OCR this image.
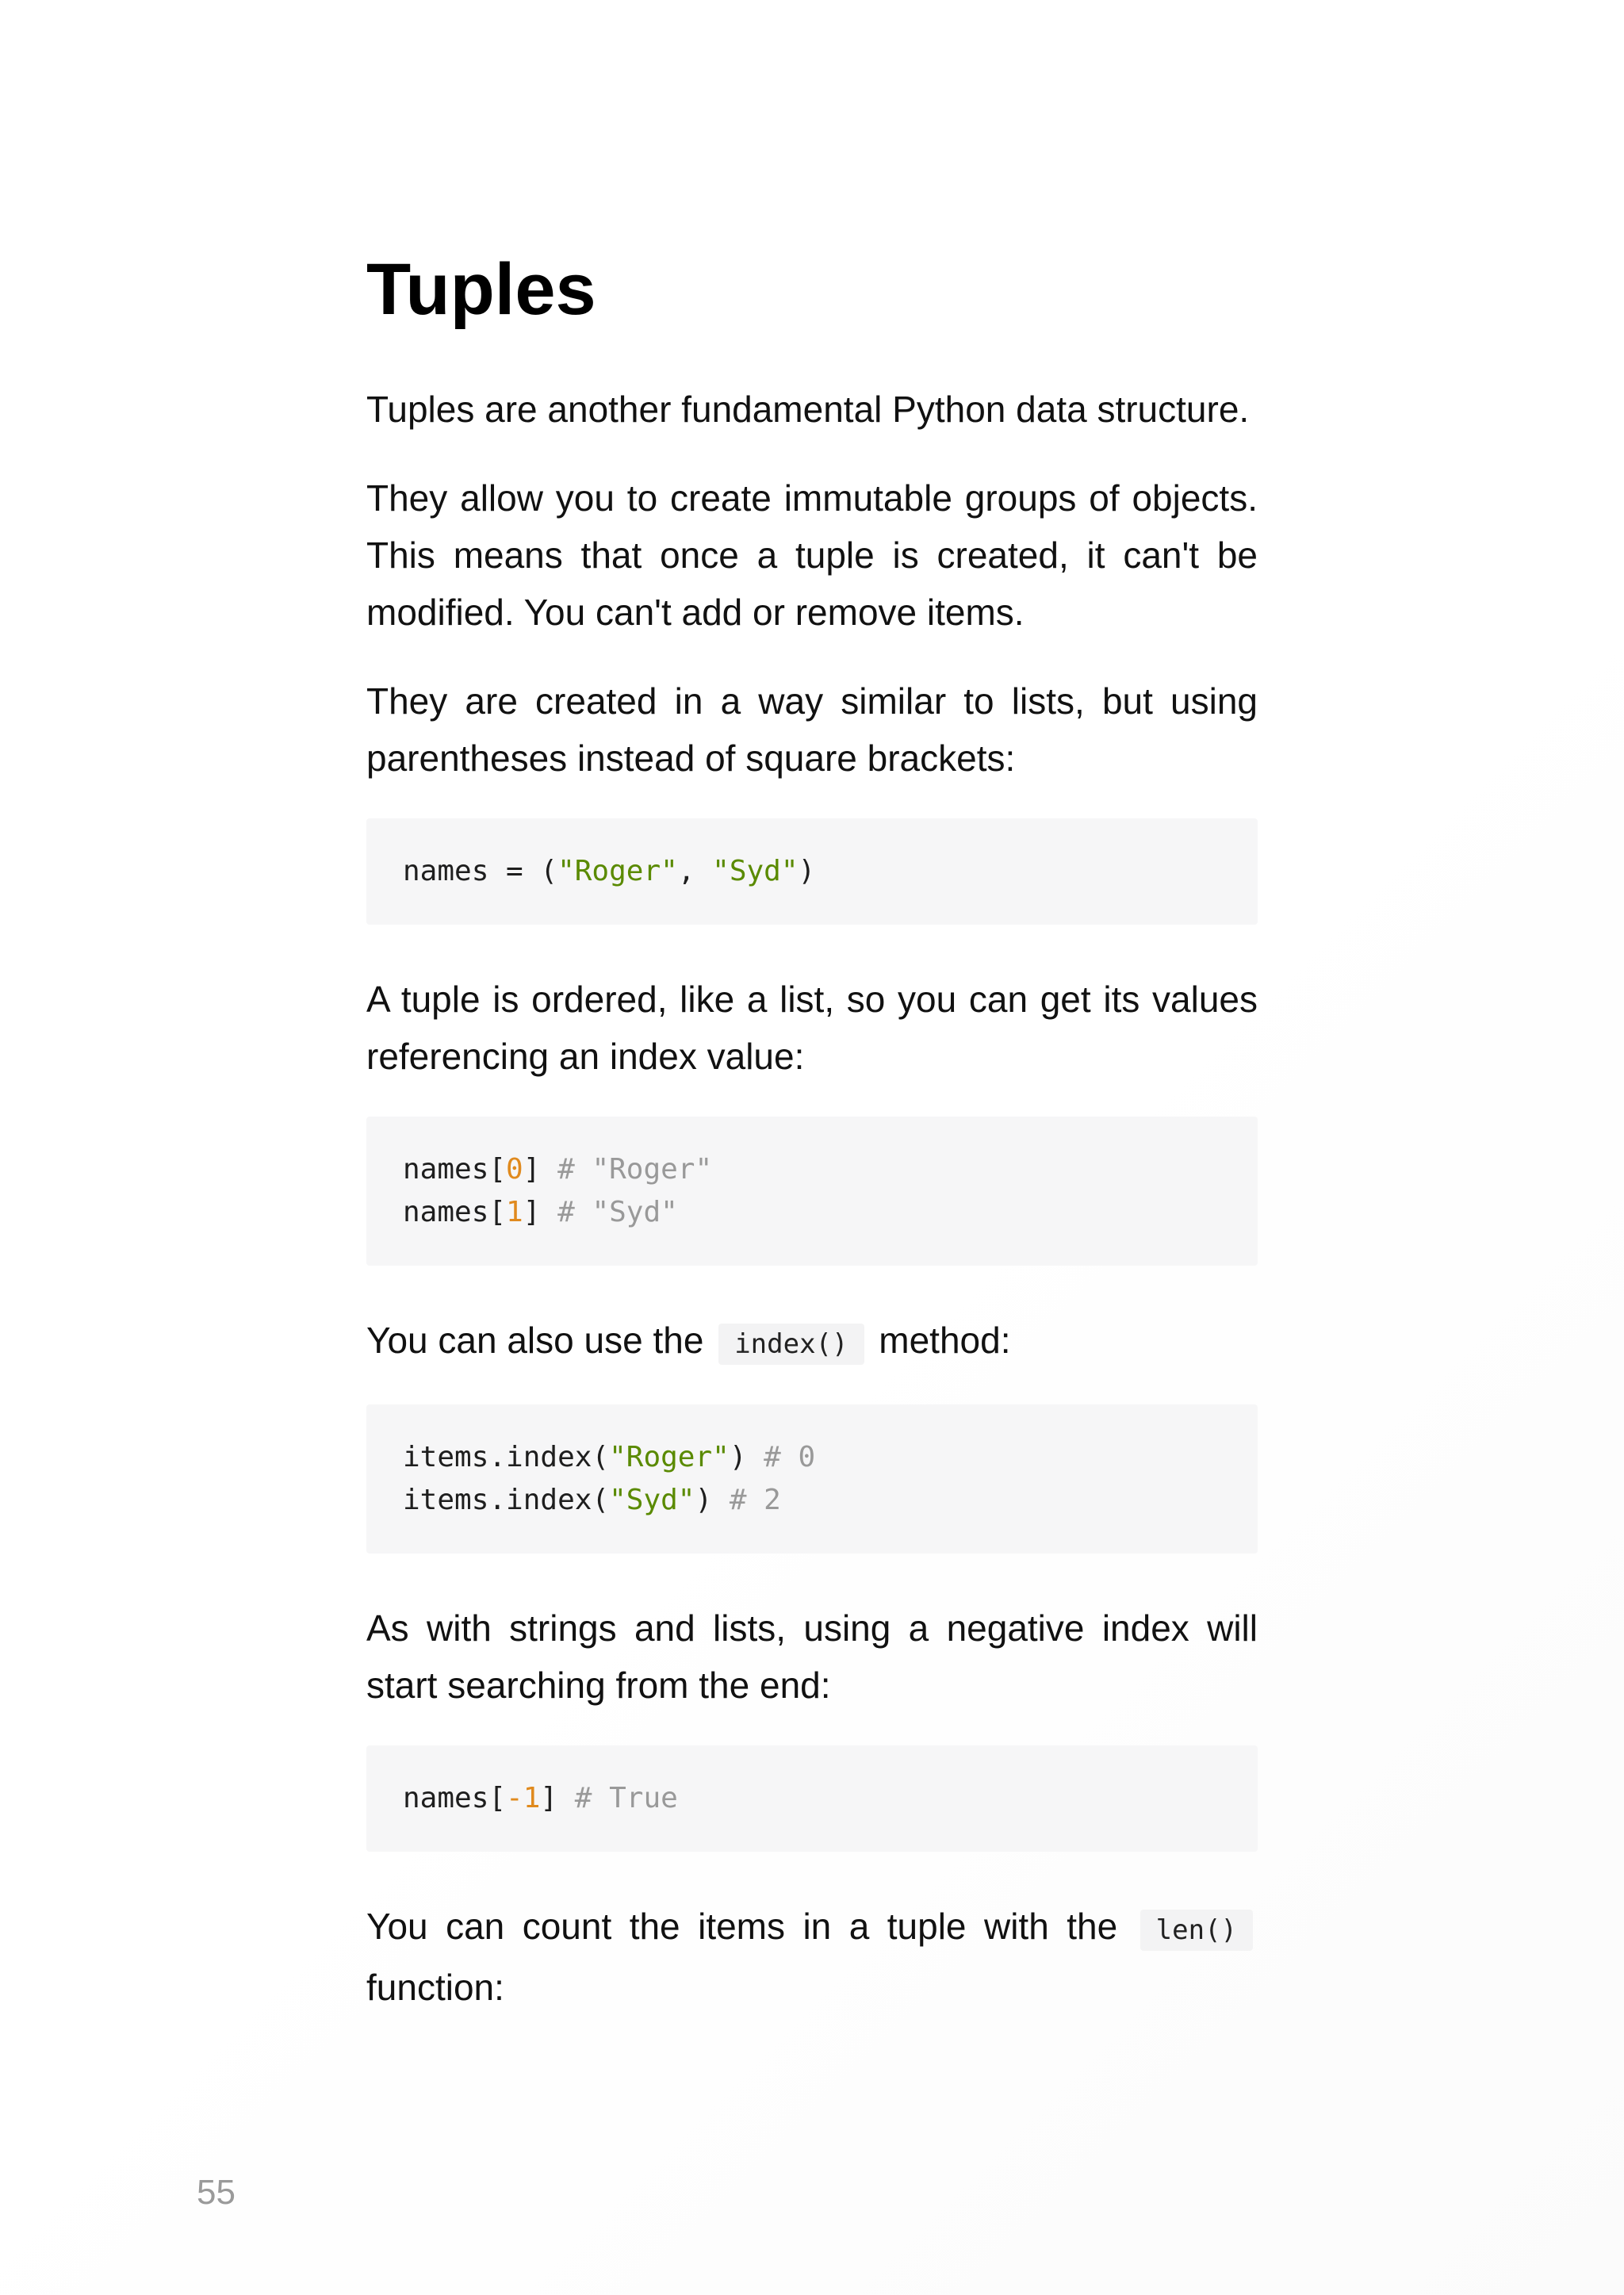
Tuples

Tuples are another fundamental Python data structure.

They allow you to create immutable groups of objects. This means that once a tuple is created, it can't be modified. You can't add or remove items.

They are created in a way similar to lists, but using parentheses instead of square brackets:

names = ("Roger", "Syd")

A tuple is ordered, like a list, so you can get its values referencing an index value:

names[0] # "Roger"
names[1] # "Syd"

You can also use the index() method:

items.index("Roger") # 0
items.index("Syd") # 2

As with strings and lists, using a negative index will start searching from the end:

names[-1] # True

You can count the items in a tuple with the len() function:

55
